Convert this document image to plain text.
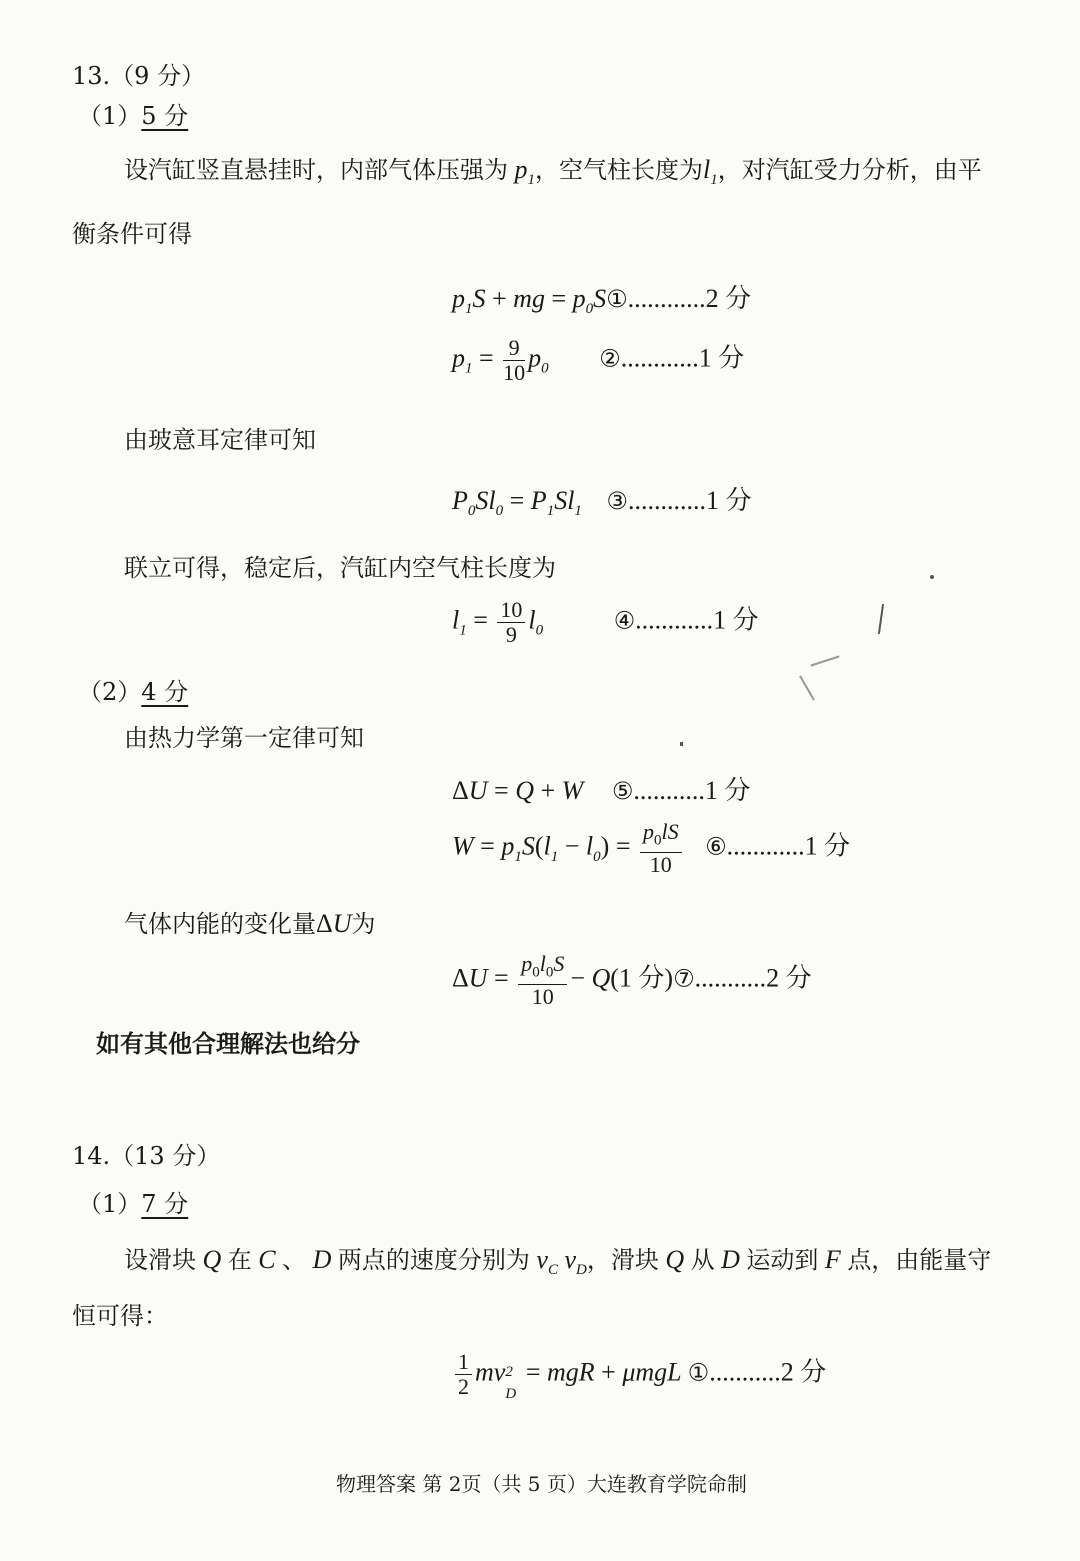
13.（9 分）
（1）5 分
设汽缸竖直悬挂时，内部气体压强为 $p_1$，空气柱长度为$l_1$，对汽缸受力分析，由平
衡条件可得
$p_1S$ + mg = $p_0S①............2$ 分
$p_1 = \frac{9}{10} p_0$ ②............1 分
由玻意耳定律可知
$P_0Sl_0 = P_1Sl_1$ ③............1 分
联立可得，稳定后，汽缸内空气柱长度为
$l_1 = \frac{10}{9} l_0$	④............1 分
（2）4 分
由热力学第一定律可知
ΔU = Q + W ⑤...........1 分
$W = p_1S(l_1 - l_0) = \frac{p_0lS}{10}$ ⑥............1 分
气体内能的变化量ΔU为
$\Delta U = \frac{p_0l_0S}{10} - Q(1$ 分)⑦...........2 分
如有其他合理解法也给分
14.（13 分）
（1）7 分
设滑块 Q 在 C 、 D 两点的速度分别为 $v_C$ $v_D$，滑块 Q 从 D 运动到 F 点，由能量守
恒可得：
$\frac{1}{2}$ mv 2
D
= mgR + μmgL ①...........2 分
物理答案 第 2页（共 5 页）大连教育学院命制
